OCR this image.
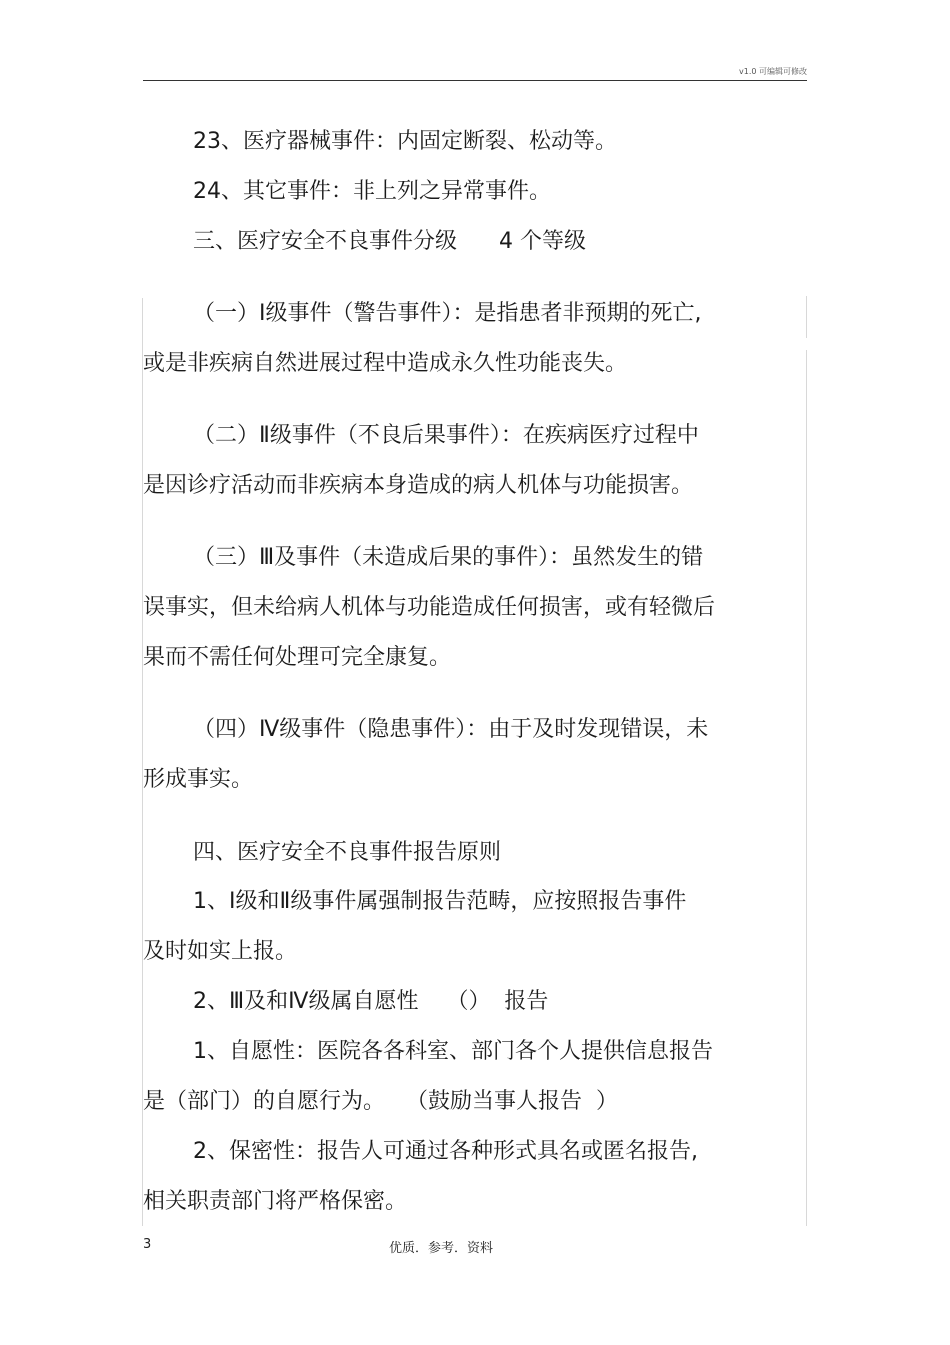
v1.0 可编辑可修改
23、医疗器械事件：内固定断裂、松动等。
24、其它事件：非上列之异常事件。
三、医疗安全不良事件分级      4 个等级
（一）Ⅰ级事件（警告事件）：是指患者非预期的死亡,
或是非疾病自然进展过程中造成永久性功能丧失。
（二）Ⅱ级事件（不良后果事件）：在疾病医疗过程中
是因诊疗活动而非疾病本身造成的病人机体与功能损害。
（三）Ⅲ及事件（未造成后果的事件）：虽然发生的错
误事实，但未给病人机体与功能造成任何损害，或有轻微后
果而不需任何处理可完全康复。
（四）Ⅳ级事件（隐患事件）：由于及时发现错误，未
形成事实。
四、医疗安全不良事件报告原则
1、Ⅰ级和Ⅱ级事件属强制报告范畴，应按照报告事件
及时如实上报。
2、Ⅲ及和Ⅳ级属自愿性    （）  报告
1、自愿性：医院各各科室、部门各个人提供信息报告
是（部门）的自愿行为。   （鼓励当事人报告  ）
2、保密性：报告人可通过各种形式具名或匿名报告,
相关职责部门将严格保密。
3	优质．参考．资料
